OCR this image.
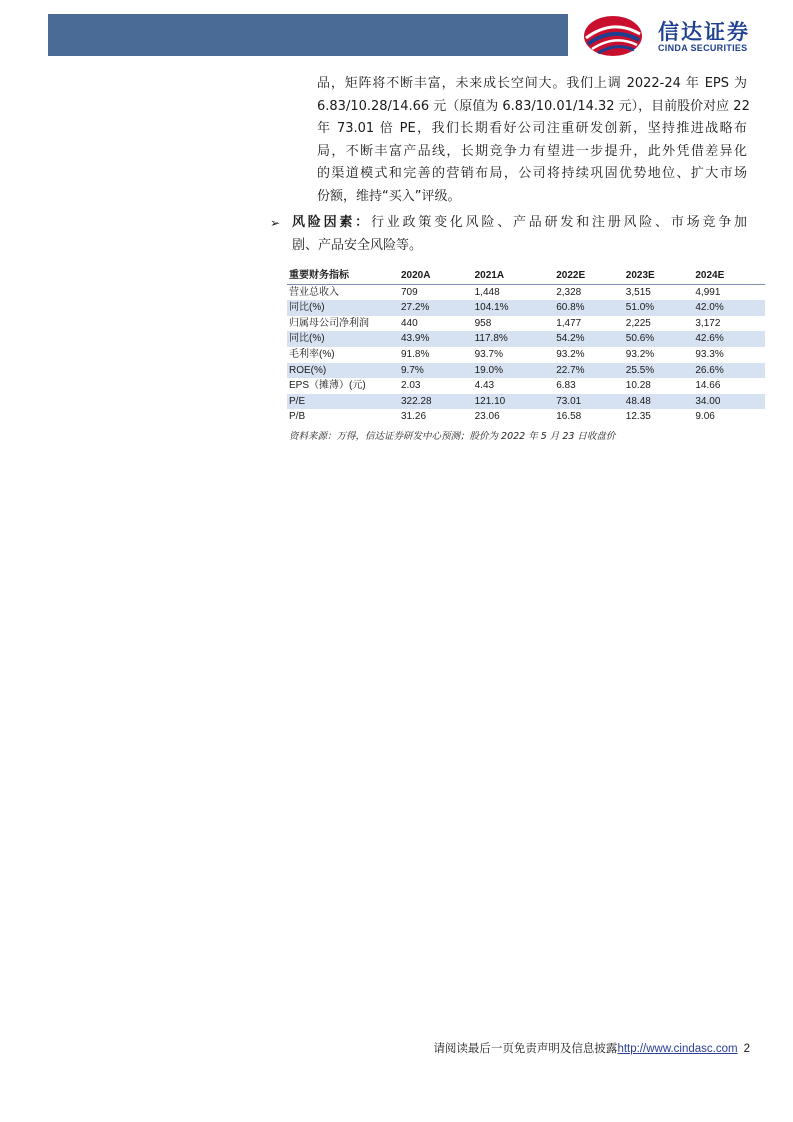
信达证券
CINDA SECURITIES
品，矩阵将不断丰富，未来成长空间大。我们上调 2022-24 年 EPS 为
6.83/10.28/14.66 元（原值为 6.83/10.01/14.32 元），目前股价对应 22
年 73.01 倍 PE，我们长期看好公司注重研发创新，坚持推进战略布
局，不断丰富产品线，长期竞争力有望进一步提升，此外凭借差异化
的渠道模式和完善的营销布局，公司将持续巩固优势地位、扩大市场
份额，维持“买入”评级。
➢ 风险因素：行业政策变化风险、产品研发和注册风险、市场竞争加
剧、产品安全风险等。
重要财务指标	2020A	2021A	2022E	2023E	2024E
营业总收入	709	1,448	2,328	3,515	4,991
同比(%)	27.2%	104.1%	60.8%	51.0%	42.0%
归属母公司净利润	440	958	1,477	2,225	3,172
同比(%)	43.9%	117.8%	54.2%	50.6%	42.6%
毛利率(%)	91.8%	93.7%	93.2%	93.2%	93.3%
ROE(%)	9.7%	19.0%	22.7%	25.5%	26.6%
EPS（摊薄）(元)	2.03	4.43	6.83	10.28	14.66
P/E	322.28	121.10	73.01	48.48	34.00
P/B	31.26	23.06	16.58	12.35	9.06
资料来源：万得，信达证券研发中心预测；股价为 2022 年 5 月 23 日收盘价
请阅读最后一页免责声明及信息披露http://www.cindasc.com 2
